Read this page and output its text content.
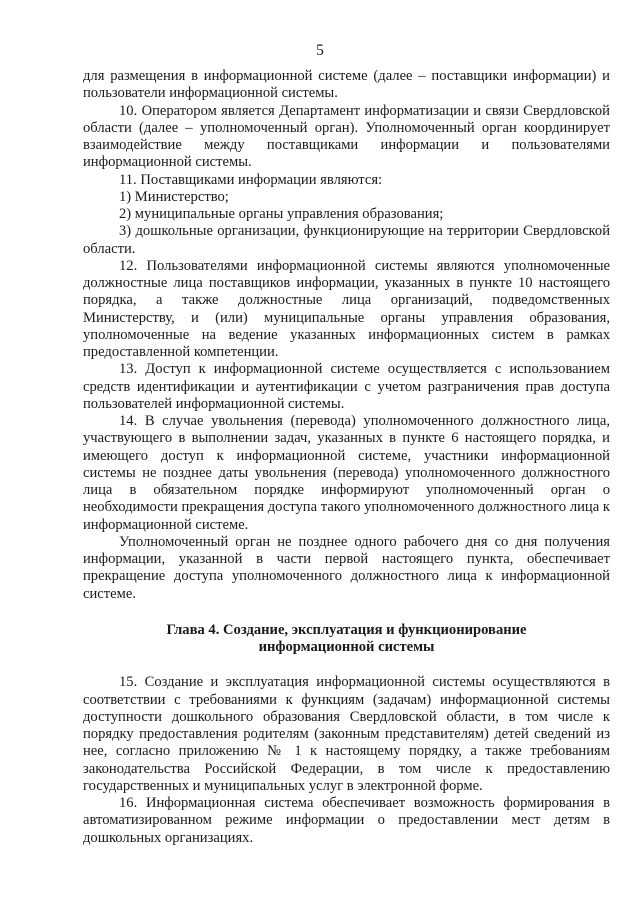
5

для размещения в информационной системе (далее – поставщики информации) и пользователи информационной системы.

10. Оператором является Департамент информатизации и связи Свердловской области (далее – уполномоченный орган). Уполномоченный орган координирует взаимодействие между поставщиками информации и пользователями информационной системы.

11. Поставщиками информации являются:

1) Министерство;

2) муниципальные органы управления образования;

3) дошкольные организации, функционирующие на территории Свердловской области.

12. Пользователями информационной системы являются уполномоченные должностные лица поставщиков информации, указанных в пункте 10 настоящего порядка, а также должностные лица организаций, подведомственных Министерству, и (или) муниципальные органы управления образования, уполномоченные на ведение указанных информационных систем в рамках предоставленной компетенции.

13. Доступ к информационной системе осуществляется с использованием средств идентификации и аутентификации с учетом разграничения прав доступа пользователей информационной системы.

14. В случае увольнения (перевода) уполномоченного должностного лица, участвующего в выполнении задач, указанных в пункте 6 настоящего порядка, и имеющего доступ к информационной системе, участники информационной системы не позднее даты увольнения (перевода) уполномоченного должностного лица в обязательном порядке информируют уполномоченный орган о необходимости прекращения доступа такого уполномоченного должностного лица к информационной системе.

Уполномоченный орган не позднее одного рабочего дня со дня получения информации, указанной в части первой настоящего пункта, обеспечивает прекращение доступа уполномоченного должностного лица к информационной системе.

Глава 4. Создание, эксплуатация и функционирование
информационной системы

15. Создание и эксплуатация информационной системы осуществляются в соответствии с требованиями к функциям (задачам) информационной системы доступности дошкольного образования Свердловской области, в том числе к порядку предоставления родителям (законным представителям) детей сведений из нее, согласно приложению № 1 к настоящему порядку, а также требованиям законодательства Российской Федерации, в том числе к предоставлению государственных и муниципальных услуг в электронной форме.

16. Информационная система обеспечивает возможность формирования в автоматизированном режиме информации о предоставлении мест детям в дошкольных организациях.
